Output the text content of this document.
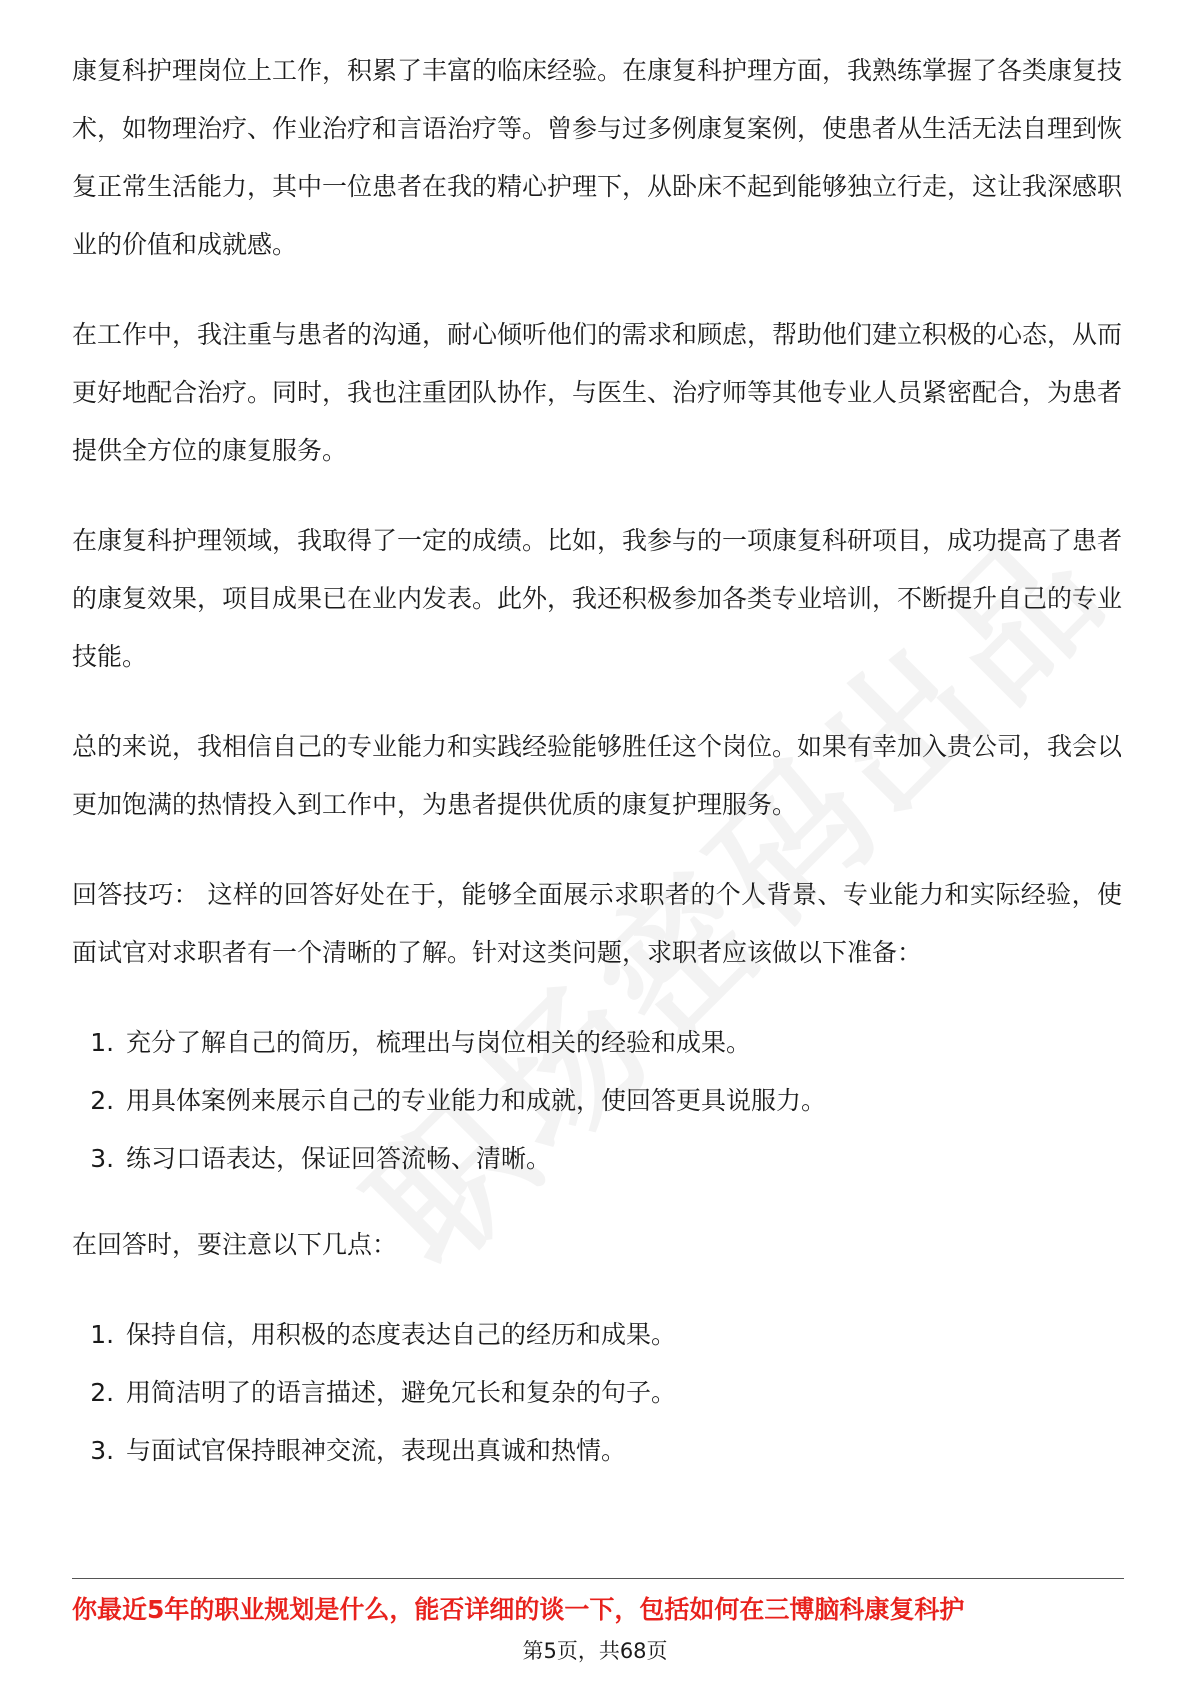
康复科护理岗位上工作，积累了丰富的临床经验。在康复科护理方面，我熟练掌握了各类康复技术，如物理治疗、作业治疗和言语治疗等。曾参与过多例康复案例，使患者从生活无法自理到恢复正常生活能力，其中一位患者在我的精心护理下，从卧床不起到能够独立行走，这让我深感职业的价值和成就感。

在工作中，我注重与患者的沟通，耐心倾听他们的需求和顾虑，帮助他们建立积极的心态，从而更好地配合治疗。同时，我也注重团队协作，与医生、治疗师等其他专业人员紧密配合，为患者提供全方位的康复服务。

在康复科护理领域，我取得了一定的成绩。比如，我参与的一项康复科研项目，成功提高了患者的康复效果，项目成果已在业内发表。此外，我还积极参加各类专业培训，不断提升自己的专业技能。

总的来说，我相信自己的专业能力和实践经验能够胜任这个岗位。如果有幸加入贵公司，我会以更加饱满的热情投入到工作中，为患者提供优质的康复护理服务。

回答技巧： 这样的回答好处在于，能够全面展示求职者的个人背景、专业能力和实际经验，使面试官对求职者有一个清晰的了解。针对这类问题，求职者应该做以下准备：

1. 充分了解自己的简历，梳理出与岗位相关的经验和成果。
2. 用具体案例来展示自己的专业能力和成就，使回答更具说服力。
3. 练习口语表达，保证回答流畅、清晰。

在回答时，要注意以下几点：

1. 保持自信，用积极的态度表达自己的经历和成果。
2. 用简洁明了的语言描述，避免冗长和复杂的句子。
3. 与面试官保持眼神交流，表现出真诚和热情。
你最近5年的职业规划是什么，能否详细的谈一下，包括如何在三博脑科康复科护
第5页，共68页
